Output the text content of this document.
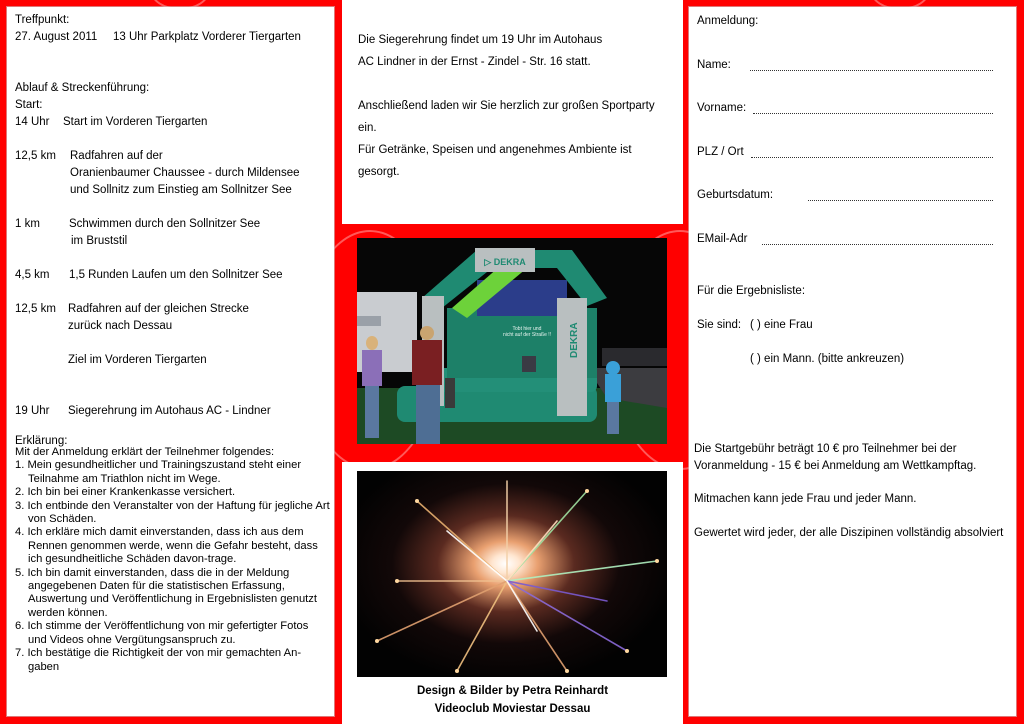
Treffpunkt:
27. August 2011 13 Uhr Parkplatz Vorderer Tiergarten
Ablauf & Streckenführung:
Start:
14 Uhr Start im Vorderen Tiergarten
12,5 km Radfahren auf der
Oranienbaumer Chaussee - durch Mildensee
und Sollnitz zum Einstieg am Sollnitzer See
1 km	Schwimmen durch den Sollnitzer See
im Bruststil
4,5 km 1,5 Runden Laufen um den Sollnitzer See
12,5 km Radfahren auf der gleichen Strecke
zurück nach Dessau
Ziel im Vorderen Tiergarten
19 Uhr Siegerehrung im Autohaus AC - Lindner
Erklärung:
Mit der Anmeldung erklärt der Teilnehmer folgendes:
1. Mein gesundheitlicher und Trainingszustand steht einer Teilnahme am Triathlon nicht im Wege.
2. Ich bin bei einer Krankenkasse versichert.
3. Ich entbinde den Veranstalter von der Haftung für jegliche Art von Schäden.
4. Ich erkläre mich damit einverstanden, dass ich aus dem Rennen genommen werde, wenn die Gefahr besteht, dass ich gesundheitliche Schäden davon-trage.
5. Ich bin damit einverstanden, dass die in der Meldung angegebenen Daten für die statistischen Erfassung, Auswertung und Veröffentlichung in Ergebnislisten genutzt werden können.
6. Ich stimme der Veröffentlichung von mir gefertigter Fotos und Videos ohne Vergütungsanspruch zu.
7. Ich bestätige die Richtigkeit der von mir gemachten An-gaben
Die Siegerehrung findet um 19 Uhr im Autohaus
AC Lindner in der Ernst - Zindel - Str. 16 statt.
Anschließend laden wir Sie herzlich zur großen Sportparty
ein.
Für Getränke, Speisen und angenehmes Ambiente ist
gesorgt.
Tobt hier und
nicht auf der Straße !!
▷ DEKRA
DEKRA
Design & Bilder by Petra Reinhardt
Videoclub Moviestar Dessau
Anmeldung:
Name:
Vorname:
PLZ / Ort
Geburtsdatum:
EMail-Adr
Für die Ergebnisliste:
Sie sind: ( ) eine Frau
( ) ein Mann. (bitte ankreuzen)
Die Startgebühr beträgt 10 € pro Teilnehmer bei der
Voranmeldung - 15 € bei Anmeldung am Wettkampftag.
Mitmachen kann jede Frau und jeder Mann.
Gewertet wird jeder, der alle Diszipinen vollständig absolviert
